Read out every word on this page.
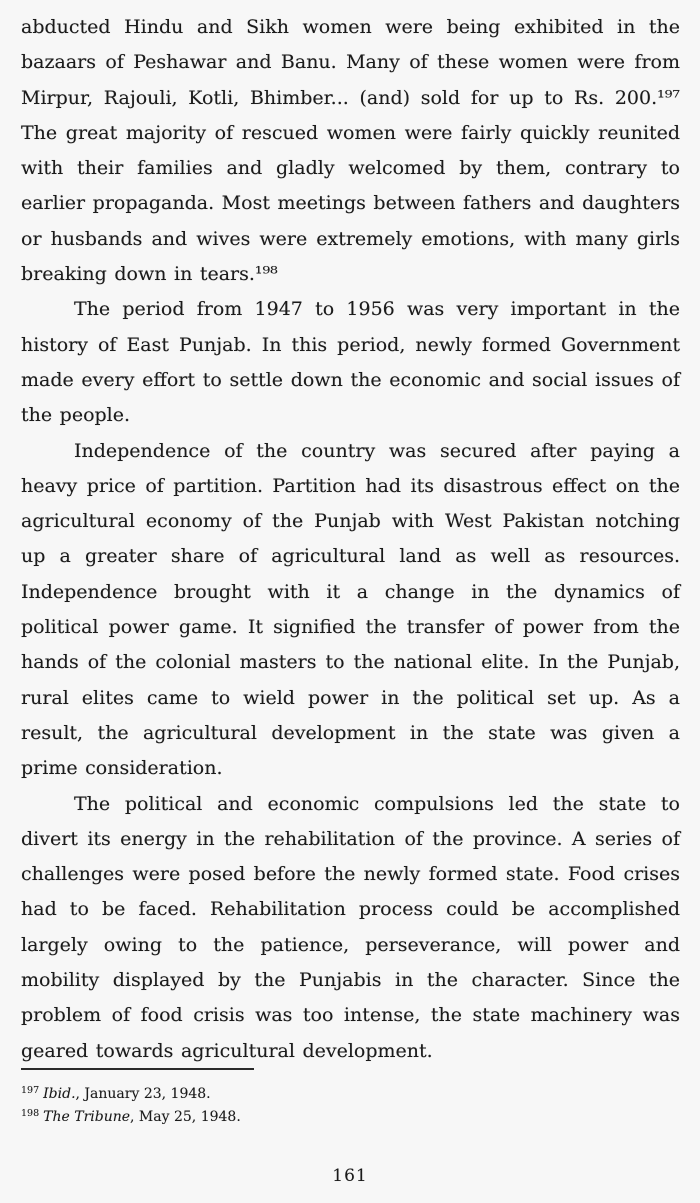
abducted Hindu and Sikh women were being exhibited in the bazaars of Peshawar and Banu. Many of these women were from Mirpur, Rajouli, Kotli, Bhimber... (and) sold for up to Rs. 200.¹⁹⁷ The great majority of rescued women were fairly quickly reunited with their families and gladly welcomed by them, contrary to earlier propaganda. Most meetings between fathers and daughters or husbands and wives were extremely emotions, with many girls breaking down in tears.¹⁹⁸

The period from 1947 to 1956 was very important in the history of East Punjab. In this period, newly formed Government made every effort to settle down the economic and social issues of the people.

Independence of the country was secured after paying a heavy price of partition. Partition had its disastrous effect on the agricultural economy of the Punjab with West Pakistan notching up a greater share of agricultural land as well as resources. Independence brought with it a change in the dynamics of political power game. It signified the transfer of power from the hands of the colonial masters to the national elite. In the Punjab, rural elites came to wield power in the political set up. As a result, the agricultural development in the state was given a prime consideration.

The political and economic compulsions led the state to divert its energy in the rehabilitation of the province. A series of challenges were posed before the newly formed state. Food crises had to be faced. Rehabilitation process could be accomplished largely owing to the patience, perseverance, will power and mobility displayed by the Punjabis in the character. Since the problem of food crisis was too intense, the state machinery was geared towards agricultural development.

$^{197}$ Ibid., January 23, 1948.
$^{198}$ The Tribune, May 25, 1948.
161
